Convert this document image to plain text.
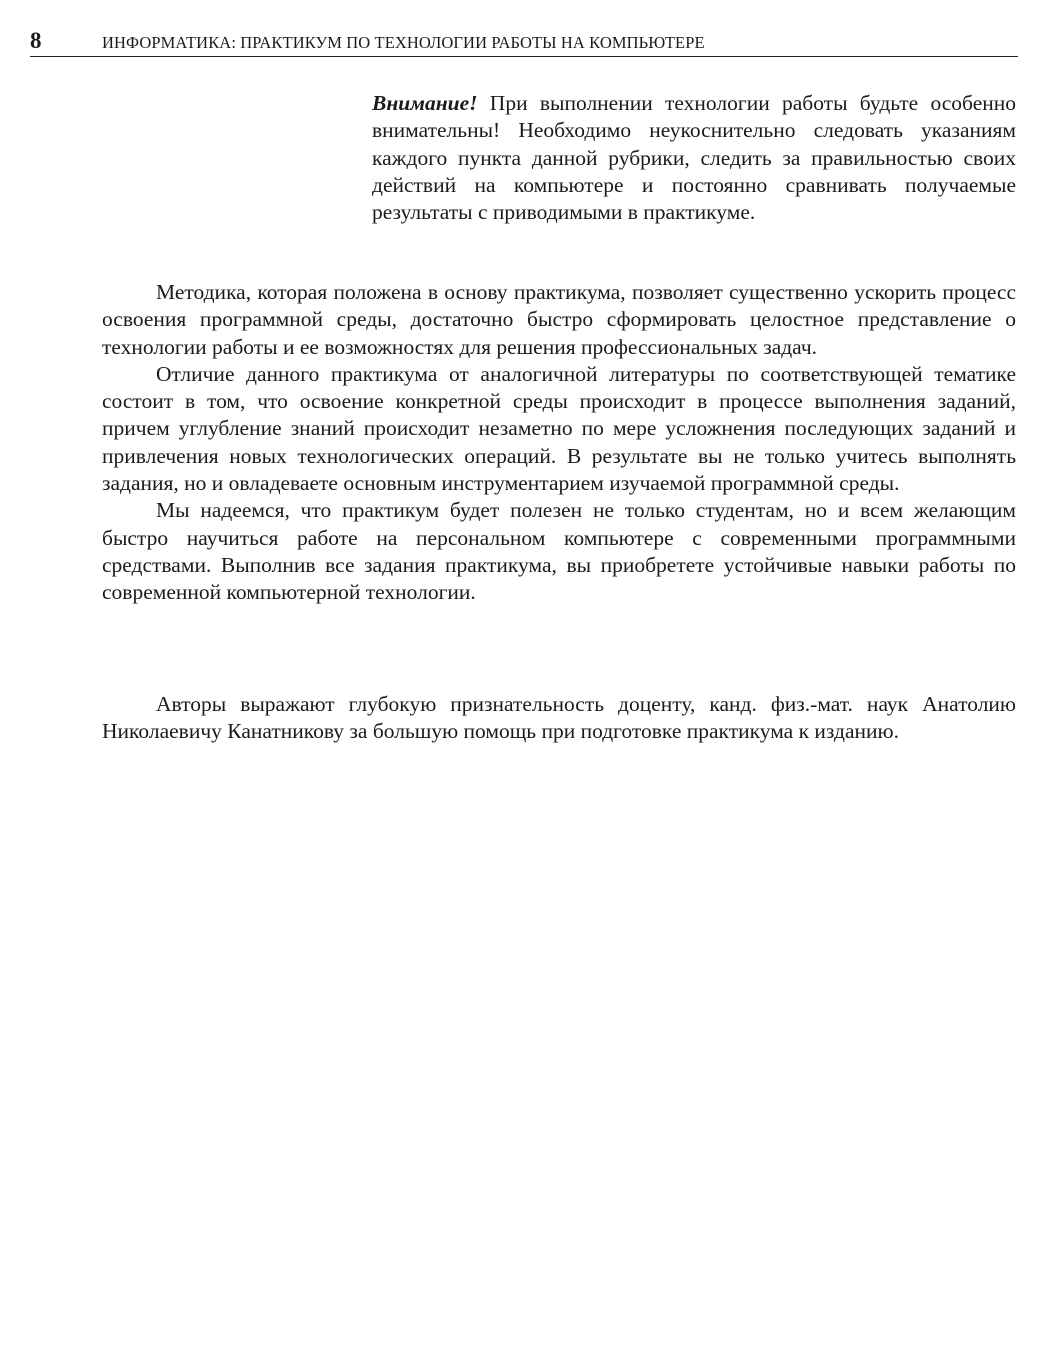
8	ИНФОРМАТИКА: ПРАКТИКУМ ПО ТЕХНОЛОГИИ РАБОТЫ НА КОМПЬЮТЕРЕ
Внимание! При выполнении технологии работы будьте особенно внимательны! Необходимо неукоснительно следовать указаниям каждого пункта данной рубрики, следить за правильностью своих действий на компьютере и постоянно сравнивать получаемые результаты с приводимыми в практикуме.

Методика, которая положена в основу практикума, позволяет существенно ускорить процесс освоения программной среды, достаточно быстро сформировать целостное представление о технологии работы и ее возможностях для решения профессиональных задач.

Отличие данного практикума от аналогичной литературы по соответствующей тематике состоит в том, что освоение конкретной среды происходит в процессе выполнения заданий, причем углубление знаний происходит незаметно по мере усложнения последующих заданий и привлечения новых технологических операций. В результате вы не только учитесь выполнять задания, но и овладеваете основным инструментарием изучаемой программной среды.

Мы надеемся, что практикум будет полезен не только студентам, но и всем желающим быстро научиться работе на персональном компьютере с современными программными средствами. Выполнив все задания практикума, вы приобретете устойчивые навыки работы по современной компьютерной технологии.

Авторы выражают глубокую признательность доценту, канд. физ.-мат. наук Анатолию Николаевичу Канатникову за большую помощь при подготовке практикума к изданию.
